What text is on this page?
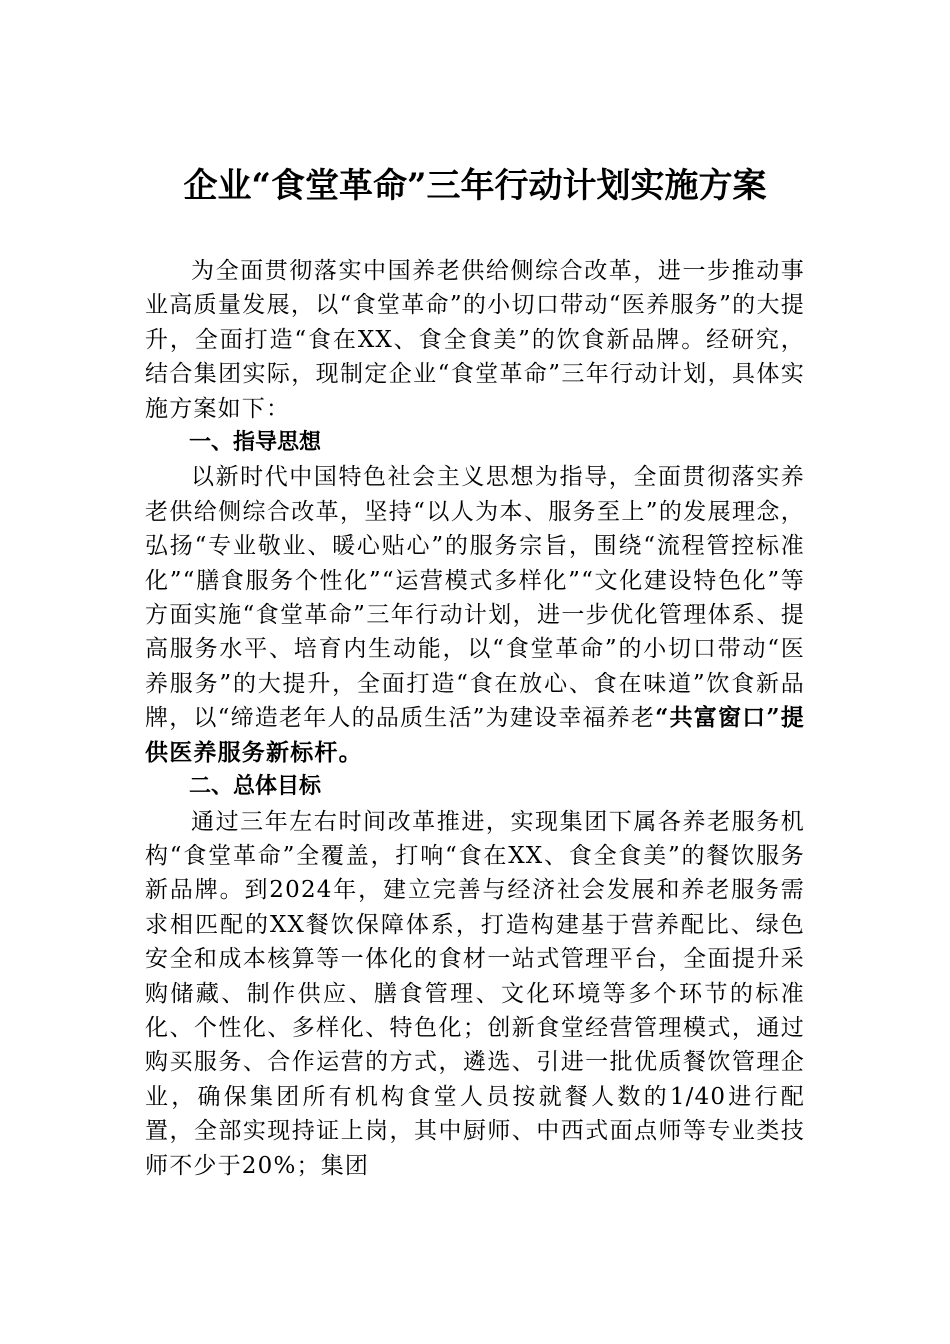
企业“食堂革命”三年行动计划实施方案

为全面贯彻落实中国养老供给侧综合改革，进一步推动事业高质量发展，以“食堂革命”的小切口带动“医养服务”的大提升，全面打造“食在XX、食全食美”的饮食新品牌。经研究，结合集团实际，现制定企业“食堂革命”三年行动计划，具体实施方案如下：

一、指导思想

以新时代中国特色社会主义思想为指导，全面贯彻落实养老供给侧综合改革，坚持“以人为本、服务至上”的发展理念，弘扬“专业敬业、暖心贴心”的服务宗旨，围绕“流程管控标准化”“膳食服务个性化”“运营模式多样化”“文化建设特色化”等方面实施“食堂革命”三年行动计划，进一步优化管理体系、提高服务水平、培育内生动能，以“食堂革命”的小切口带动“医养服务”的大提升，全面打造“食在放心、食在味道”饮食新品牌，以“缔造老年人的品质生活”为建设幸福养老“共富窗口”提供医养服务新标杆。

二、总体目标

通过三年左右时间改革推进，实现集团下属各养老服务机构“食堂革命”全覆盖，打响“食在XX、食全食美”的餐饮服务新品牌。到2024年，建立完善与经济社会发展和养老服务需求相匹配的XX餐饮保障体系，打造构建基于营养配比、绿色安全和成本核算等一体化的食材一站式管理平台，全面提升采购储藏、制作供应、膳食管理、文化环境等多个环节的标准化、个性化、多样化、特色化；创新食堂经营管理模式，通过购买服务、合作运营的方式，遴选、引进一批优质餐饮管理企业，确保集团所有机构食堂人员按就餐人数的1/40进行配置，全部实现持证上岗，其中厨师、中西式面点师等专业类技师不少于20%；集团
